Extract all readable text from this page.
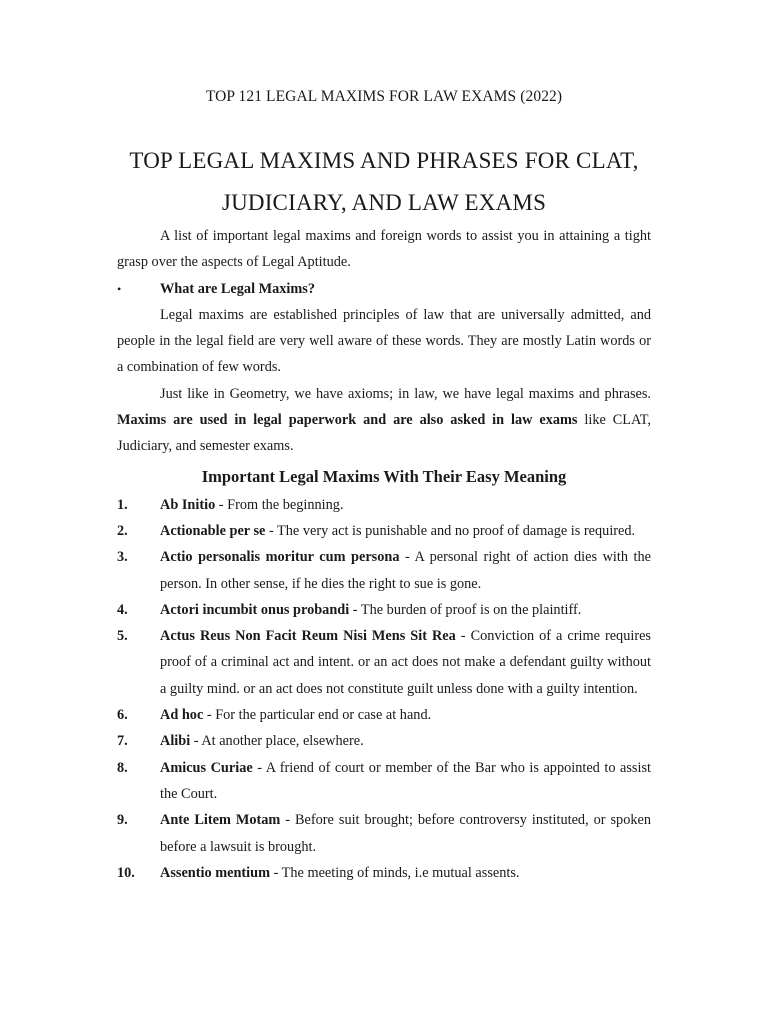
TOP 121 LEGAL MAXIMS FOR LAW EXAMS (2022)
TOP LEGAL MAXIMS AND PHRASES FOR CLAT,
JUDICIARY, AND LAW EXAMS

A list of important legal maxims and foreign words to assist you in attaining a tight grasp over the aspects of Legal Aptitude.

•	What are Legal Maxims?

Legal maxims are established principles of law that are universally admitted, and people in the legal field are very well aware of these words. They are mostly Latin words or a combination of few words.

Just like in Geometry, we have axioms; in law, we have legal maxims and phrases. Maxims are used in legal paperwork and are also asked in law exams like CLAT, Judiciary, and semester exams.

Important Legal Maxims With Their Easy Meaning
1.	Ab Initio - From the beginning.
2.	Actionable per se - The very act is punishable and no proof of damage is required.
3.	Actio personalis moritur cum persona - A personal right of action dies with the person. In other sense, if he dies the right to sue is gone.
4.	Actori incumbit onus probandi - The burden of proof is on the plaintiff.
5.	Actus Reus Non Facit Reum Nisi Mens Sit Rea - Conviction of a crime requires proof of a criminal act and intent. or an act does not make a defendant guilty without a guilty mind. or an act does not constitute guilt unless done with a guilty intention.
6.	Ad hoc - For the particular end or case at hand.
7.	Alibi - At another place, elsewhere.
8.	Amicus Curiae - A friend of court or member of the Bar who is appointed to assist the Court.
9.	Ante Litem Motam - Before suit brought; before controversy instituted, or spoken before a lawsuit is brought.
10.	Assentio mentium - The meeting of minds, i.e mutual assents.
